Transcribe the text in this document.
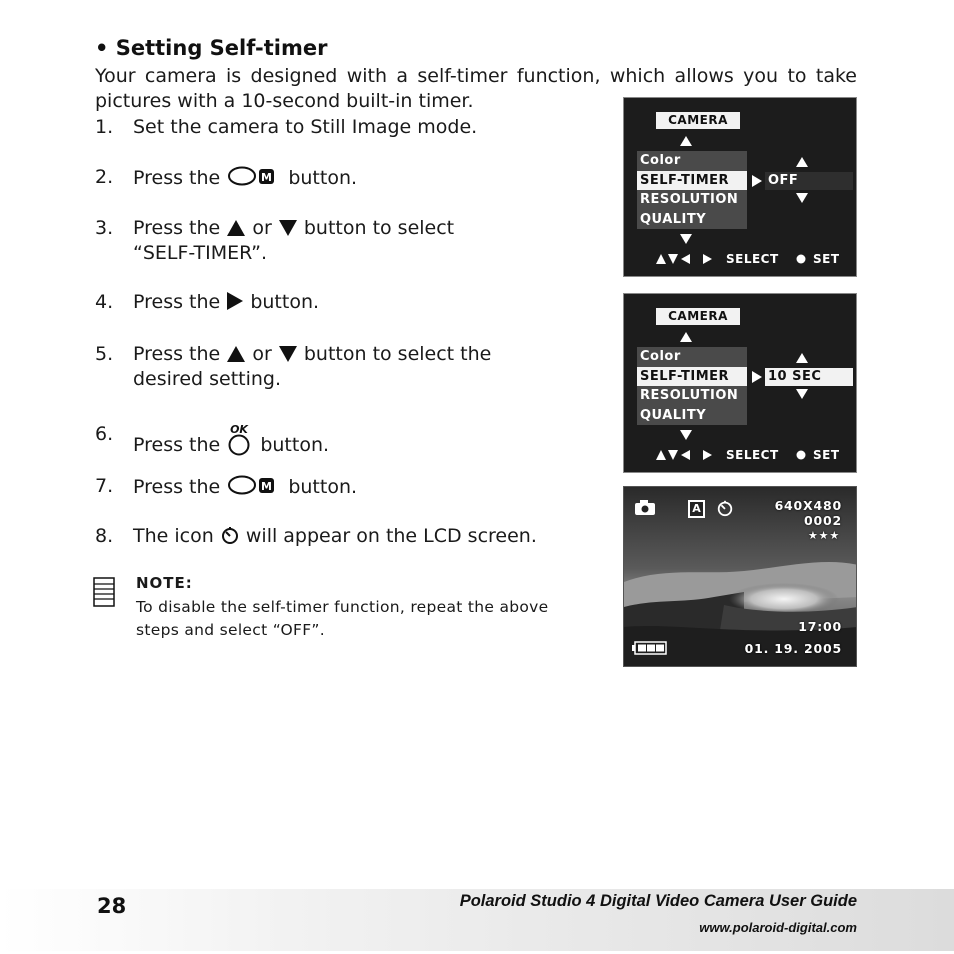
• Setting Self-timer
Your camera is designed with a self-timer function, which allows you to take pictures with a 10-second built-in timer.
1. Set the camera to Still Image mode.
2. Press the	M button.
3. Press the or button to select
“SELF-TIMER”.
4. Press the button.
5. Press the or button to select the
desired setting.
6. Press the
OK
button.
7. Press the	M button.
8. The icon will appear on the LCD screen.
NOTE:
To disable the self-timer function, repeat the above steps and select “OFF”.
CAMERA
Color
SELF-TIMER
RESOLUTION
QUALITY
OFF
SELECT	SET
CAMERA
Color
SELF-TIMER
RESOLUTION
QUALITY
10 SEC
SELECT	SET
A	640X480
0002
★★★
17:00
01. 19. 2005
28	Polaroid Studio 4 Digital Video Camera User Guide
www.polaroid-digital.com
